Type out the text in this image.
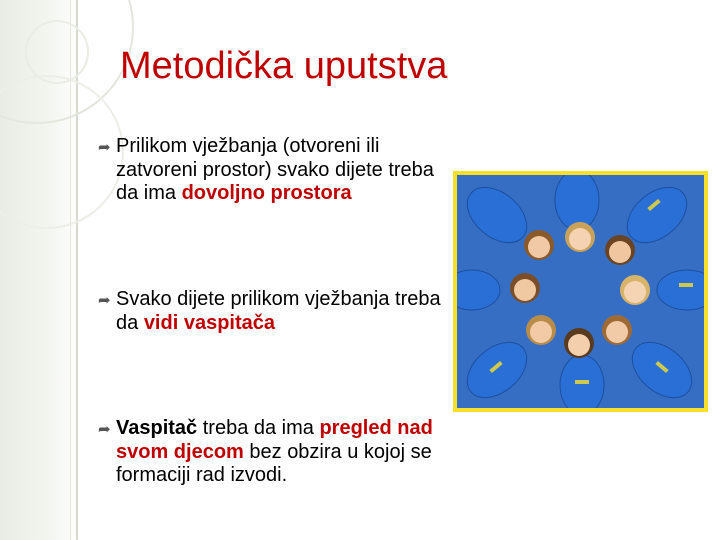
Metodička uputstva
➦ Prilikom vježbanja (otvoreni ili zatvoreni prostor) svako dijete treba da ima dovoljno prostora
➦ Svako dijete prilikom vježbanja treba da vidi vaspitača
➦ Vaspitač treba da ima pregled nad svom djecom bez obzira u kojoj se formaciji rad izvodi.
